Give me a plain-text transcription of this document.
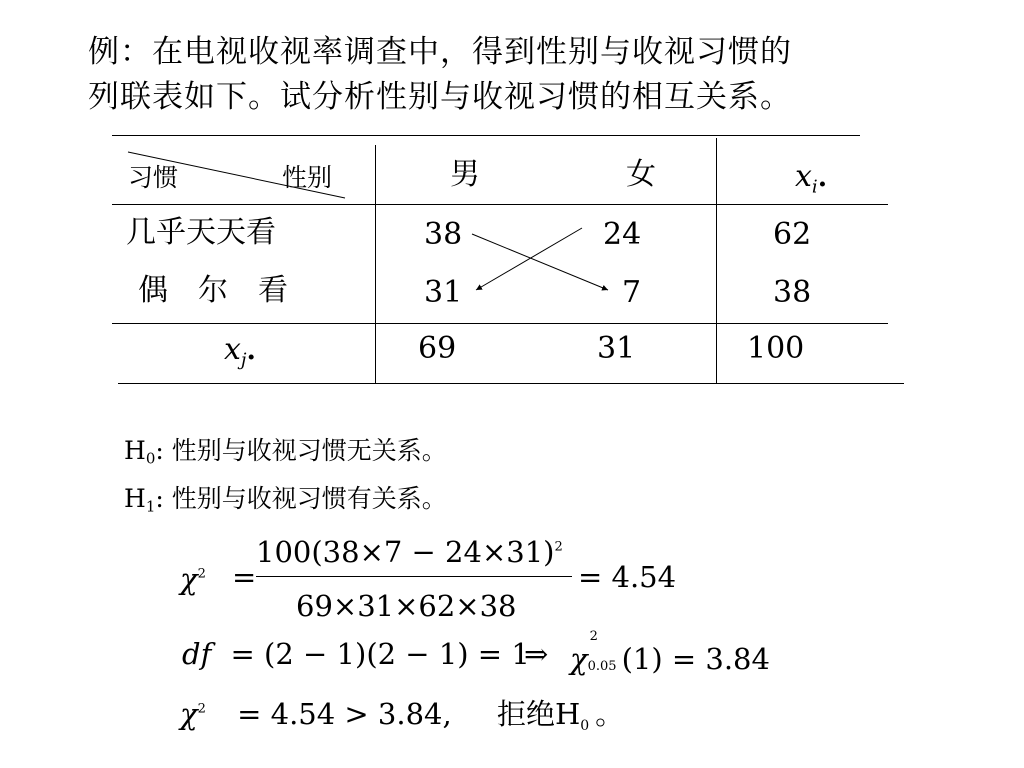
例：在电视收视率调查中，得到性别与收视习惯的
列联表如下。试分析性别与收视习惯的相互关系。
习惯	性别	男	女	$x_i$.
几乎天天看	38	24	62
偶　尔　看	31	7	38
$x_j$.	69	31	100
H0: 性别与收视习惯无关系。
H1: 性别与收视习惯有关系。
$\chi^2$ =
$100(38\times 7 - 24\times 31)^2$
69×31×62×38
= 4.54
df = (2 − 1)(2 − 1) = 1
⇒ χ
2
0.05 (1) = 3.84
$\chi^2 = 4.54 > 3.84$, 拒绝$H_0$ 。
